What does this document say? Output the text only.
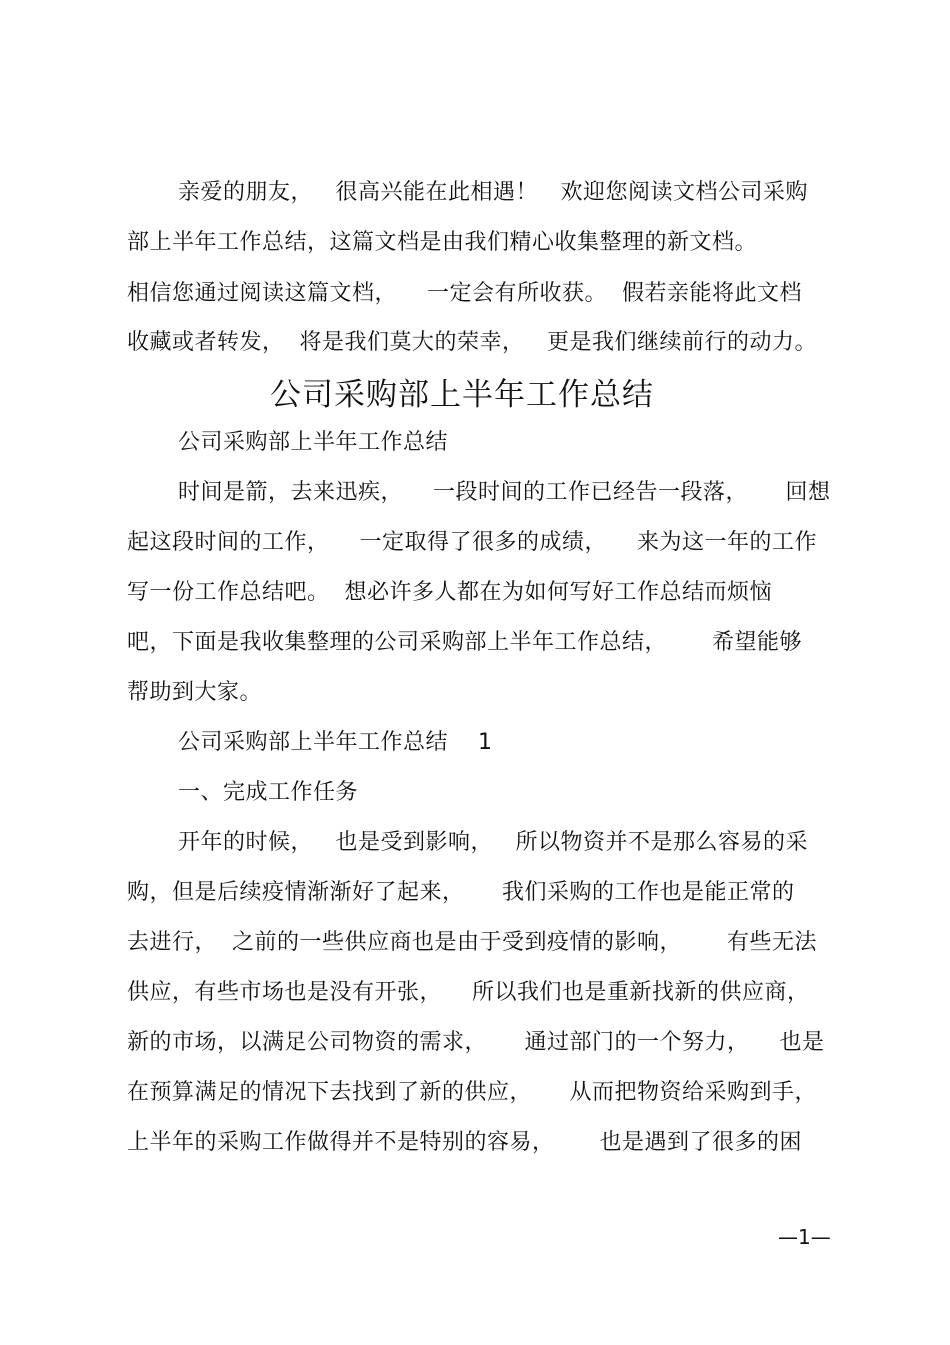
亲爱的朋友，   很高兴能在此相遇！   欢迎您阅读文档公司采购
部上半年工作总结，这篇文档是由我们精心收集整理的新文档。
相信您通过阅读这篇文档，    一定会有所收获。  假若亲能将此文档
收藏或者转发，  将是我们莫大的荣幸，   更是我们继续前行的动力。
公司采购部上半年工作总结
公司采购部上半年工作总结
时间是箭，去来迅疾，    一段时间的工作已经告一段落，     回想
起这段时间的工作，    一定取得了很多的成绩，    来为这一年的工作
写一份工作总结吧。  想必许多人都在为如何写好工作总结而烦恼
吧，下面是我收集整理的公司采购部上半年工作总结，      希望能够
帮助到大家。
公司采购部上半年工作总结    1
一、完成工作任务
开年的时候，   也是受到影响，   所以物资并不是那么容易的采
购，但是后续疫情渐渐好了起来，     我们采购的工作也是能正常的
去进行，  之前的一些供应商也是由于受到疫情的影响，      有些无法
供应，有些市场也是没有开张，    所以我们也是重新找新的供应商，
新的市场，以满足公司物资的需求，     通过部门的一个努力，    也是
在预算满足的情况下去找到了新的供应，     从而把物资给采购到手，
上半年的采购工作做得并不是特别的容易，      也是遇到了很多的困
—1—
